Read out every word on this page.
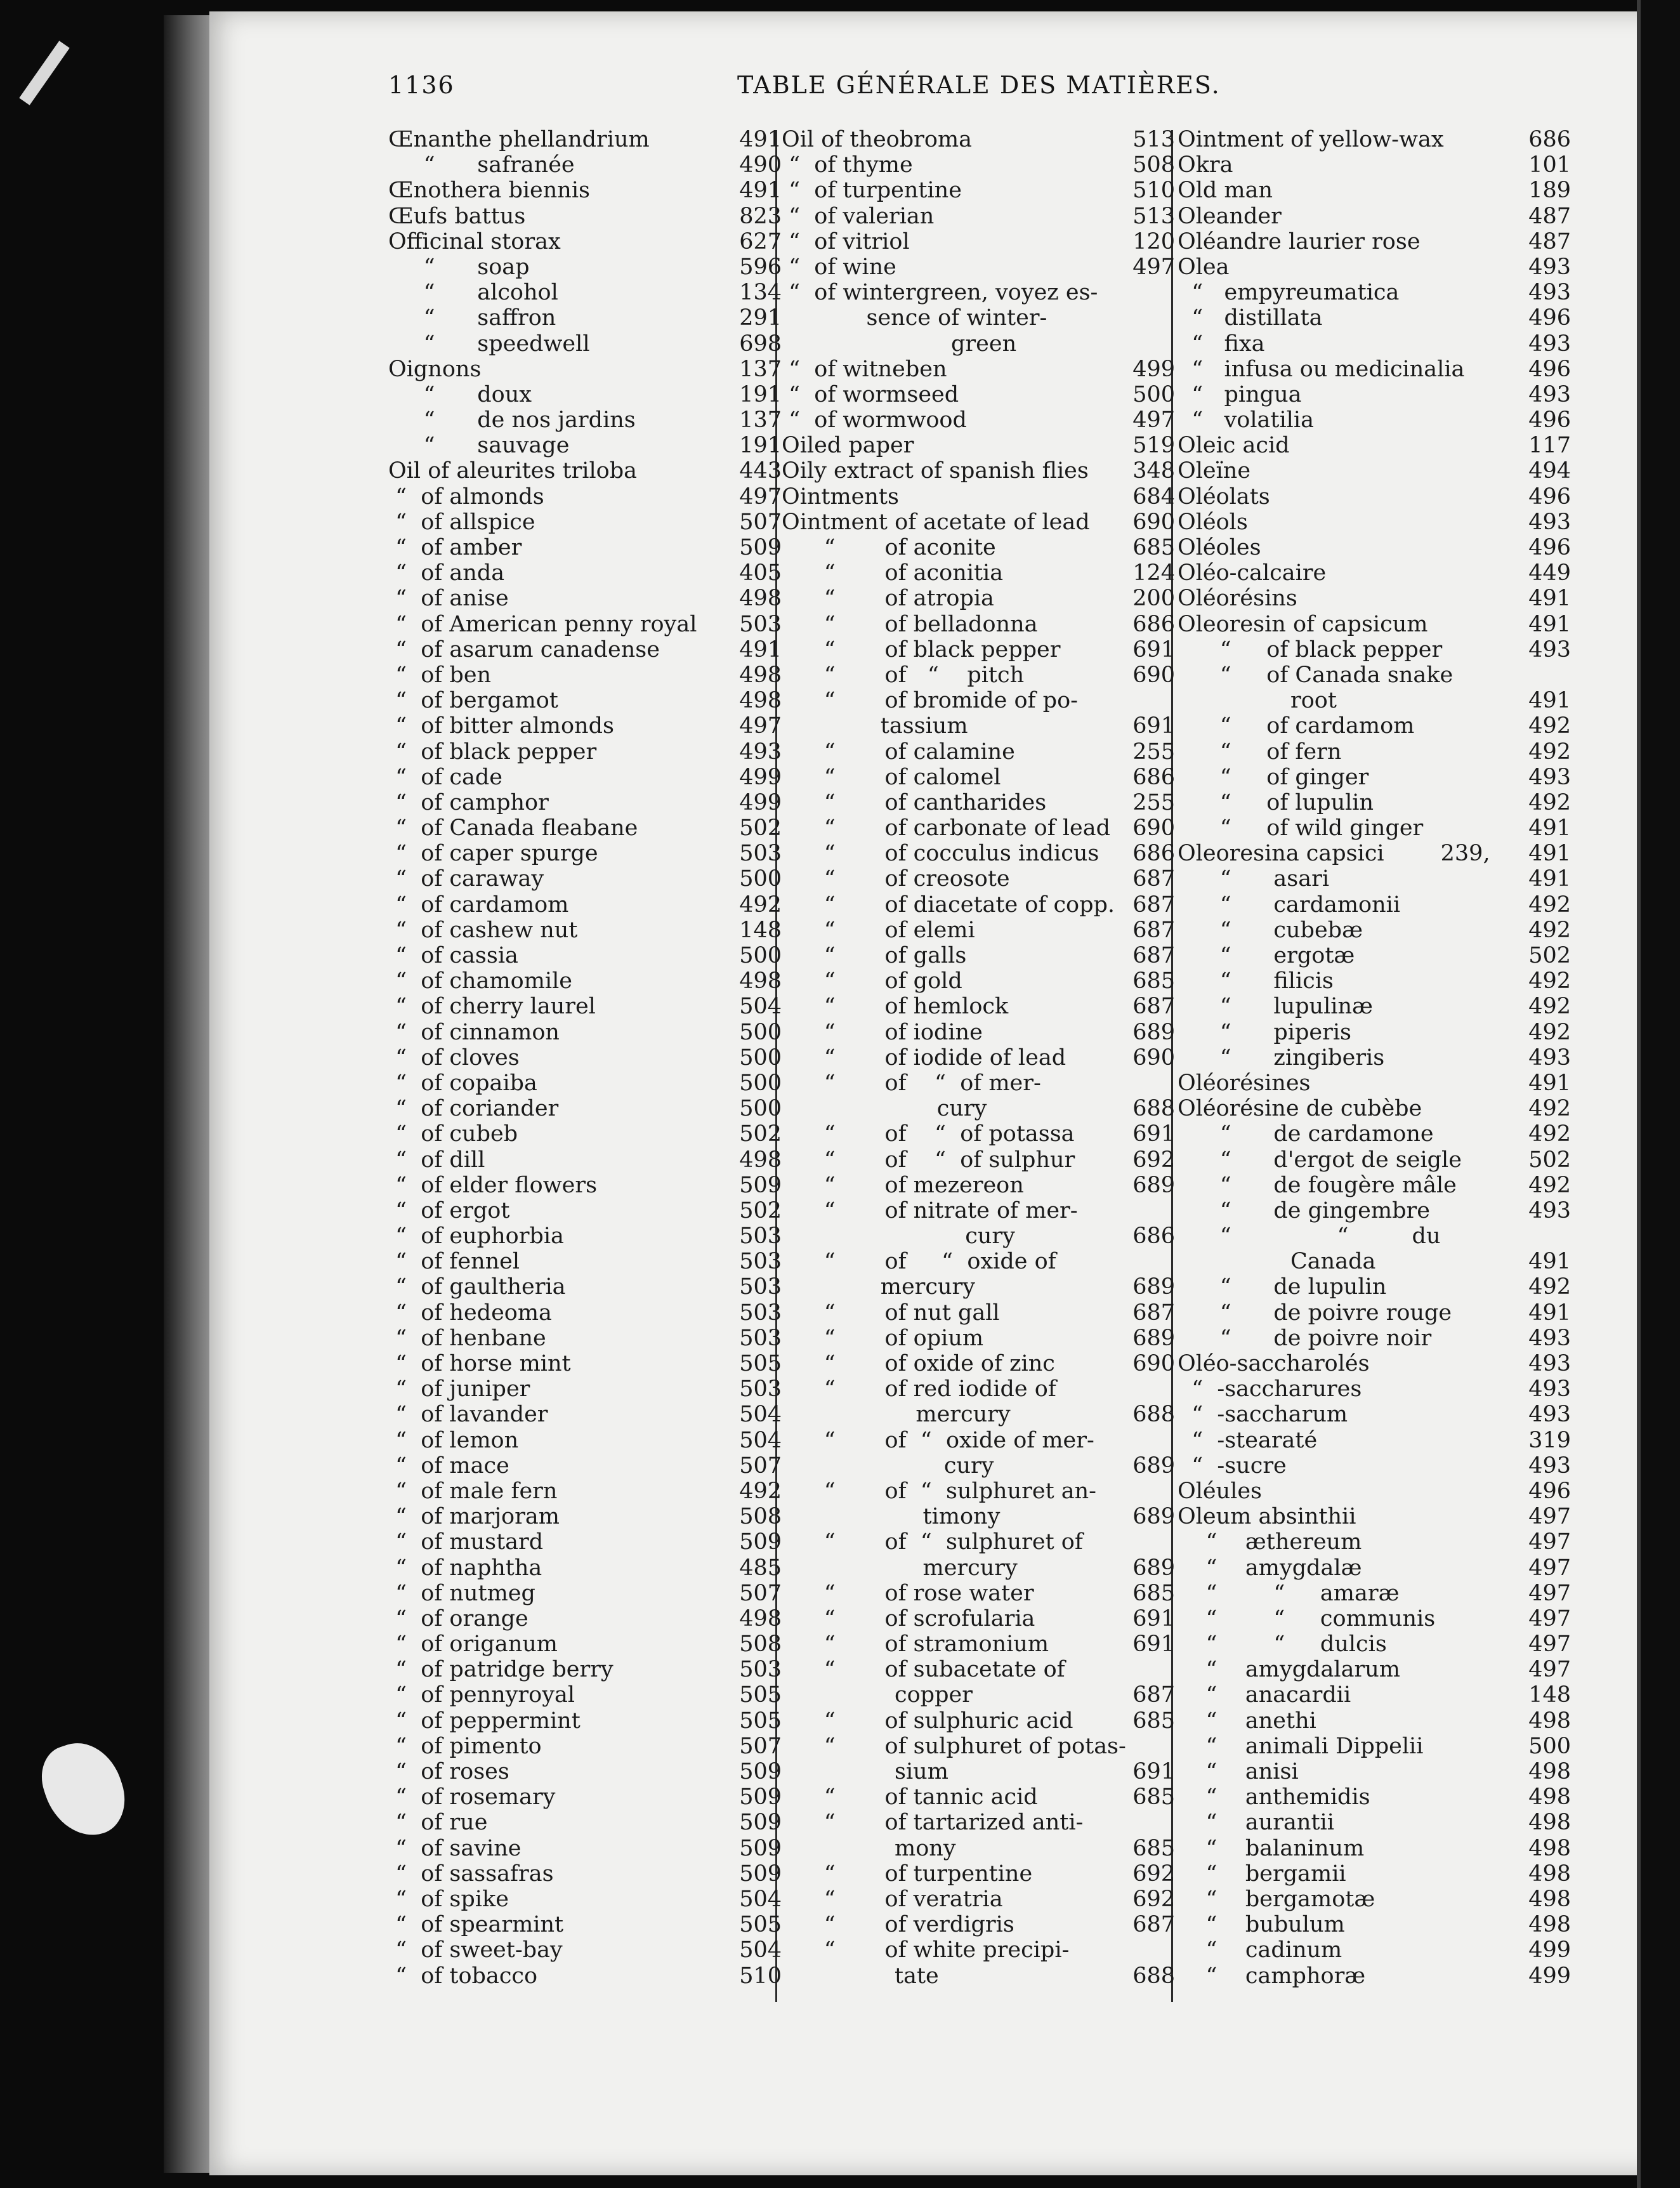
1136	TABLE GÉNÉRALE DES MATIÈRES.
Œnanthe phellandrium	491
“      safranée	490
Œnothera biennis	491
Œufs battus	823
Officinal storax	627
“      soap	596
“      alcohol	134
“      saffron	291
“      speedwell	698
Oignons	137
“      doux	191
“      de nos jardins	137
“      sauvage	191
Oil of aleurites triloba	443
“  of almonds	497
“  of allspice	507
“  of amber	509
“  of anda	405
“  of anise	498
“  of American penny royal	503
“  of asarum canadense	491
“  of ben	498
“  of bergamot	498
“  of bitter almonds	497
“  of black pepper	493
“  of cade	499
“  of camphor	499
“  of Canada fleabane	502
“  of caper spurge	503
“  of caraway	500
“  of cardamom	492
“  of cashew nut	148
“  of cassia	500
“  of chamomile	498
“  of cherry laurel	504
“  of cinnamon	500
“  of cloves	500
“  of copaiba	500
“  of coriander	500
“  of cubeb	502
“  of dill	498
“  of elder flowers	509
“  of ergot	502
“  of euphorbia	503
“  of fennel	503
“  of gaultheria	503
“  of hedeoma	503
“  of henbane	503
“  of horse mint	505
“  of juniper	503
“  of lavander	504
“  of lemon	504
“  of mace	507
“  of male fern	492
“  of marjoram	508
“  of mustard	509
“  of naphtha	485
“  of nutmeg	507
“  of orange	498
“  of origanum	508
“  of patridge berry	503
“  of pennyroyal	505
“  of peppermint	505
“  of pimento	507
“  of roses	509
“  of rosemary	509
“  of rue	509
“  of savine	509
“  of sassafras	509
“  of spike	504
“  of spearmint	505
“  of sweet-bay	504
“  of tobacco	510
Oil of theobroma	513
“  of thyme	508
“  of turpentine	510
“  of valerian	513
“  of vitriol	120
“  of wine	497
“  of wintergreen, voyez es-
sence of winter-
green
“  of witneben	499
“  of wormseed	500
“  of wormwood	497
Oiled paper	519
Oily extract of spanish flies	348
Ointments	684
Ointment of acetate of lead	690
“       of aconite	685
“       of aconitia	124
“       of atropia	200
“       of belladonna	686
“       of black pepper	691
“       of   “    pitch	690
“       of bromide of po-
tassium	691
“       of calamine	255
“       of calomel	686
“       of cantharides	255
“       of carbonate of lead	690
“       of cocculus indicus	686
“       of creosote	687
“       of diacetate of copp. 687
“       of elemi	687
“       of galls	687
“       of gold	685
“       of hemlock	687
“       of iodine	689
“       of iodide of lead	690
“       of    “  of mer-
cury	688
“       of    “  of potassa	691
“       of    “  of sulphur	692
“       of mezereon	689
“       of nitrate of mer-
cury	686
“       of     “  oxide of
mercury	689
“       of nut gall	687
“       of opium	689
“       of oxide of zinc	690
“       of red iodide of
mercury	688
“       of  “  oxide of mer-
cury	689
“       of  “  sulphuret an-
timony	689
“       of  “  sulphuret of
mercury	689
“       of rose water	685
“       of scrofularia	691
“       of stramonium	691
“       of subacetate of
copper	687
“       of sulphuric acid	685
“       of sulphuret of potas-
sium	691
“       of tannic acid	685
“       of tartarized anti-
mony	685
“       of turpentine	692
“       of veratria	692
“       of verdigris	687
“       of white precipi-
tate	688
Ointment of yellow-wax	686
Okra	101
Old man	189
Oleander	487
Oléandre laurier rose	487
Olea	493
“   empyreumatica	493
“   distillata	496
“   fixa	493
“   infusa ou medicinalia	496
“   pingua	493
“   volatilia	496
Oleic acid	117
Oleïne	494
Oléolats	496
Oléols	493
Oléoles	496
Oléo-calcaire	449
Oléorésins	491
Oleoresin of capsicum	491
“     of black pepper	493
“     of Canada snake
root	491
“     of cardamom	492
“     of fern	492
“     of ginger	493
“     of lupulin	492
“     of wild ginger	491
Oleoresina capsici        239,	491
“      asari	491
“      cardamonii	492
“      cubebæ	492
“      ergotæ	502
“      filicis	492
“      lupulinæ	492
“      piperis	492
“      zingiberis	493
Oléorésines	491
Oléorésine de cubèbe	492
“      de cardamone	492
“      d'ergot de seigle	502
“      de fougère mâle	492
“      de gingembre	493
“               “         du
Canada	491
“      de lupulin	492
“      de poivre rouge	491
“      de poivre noir	493
Oléo-saccharolés	493
“  -saccharures	493
“  -saccharum	493
“  -stearaté	319
“  -sucre	493
Oléules	496
Oleum absinthii	497
“    æthereum	497
“    amygdalæ	497
“        “     amaræ	497
“        “     communis	497
“        “     dulcis	497
“    amygdalarum	497
“    anacardii	148
“    anethi	498
“    animali Dippelii	500
“    anisi	498
“    anthemidis	498
“    aurantii	498
“    balaninum	498
“    bergamii	498
“    bergamotæ	498
“    bubulum	498
“    cadinum	499
“    camphoræ	499
